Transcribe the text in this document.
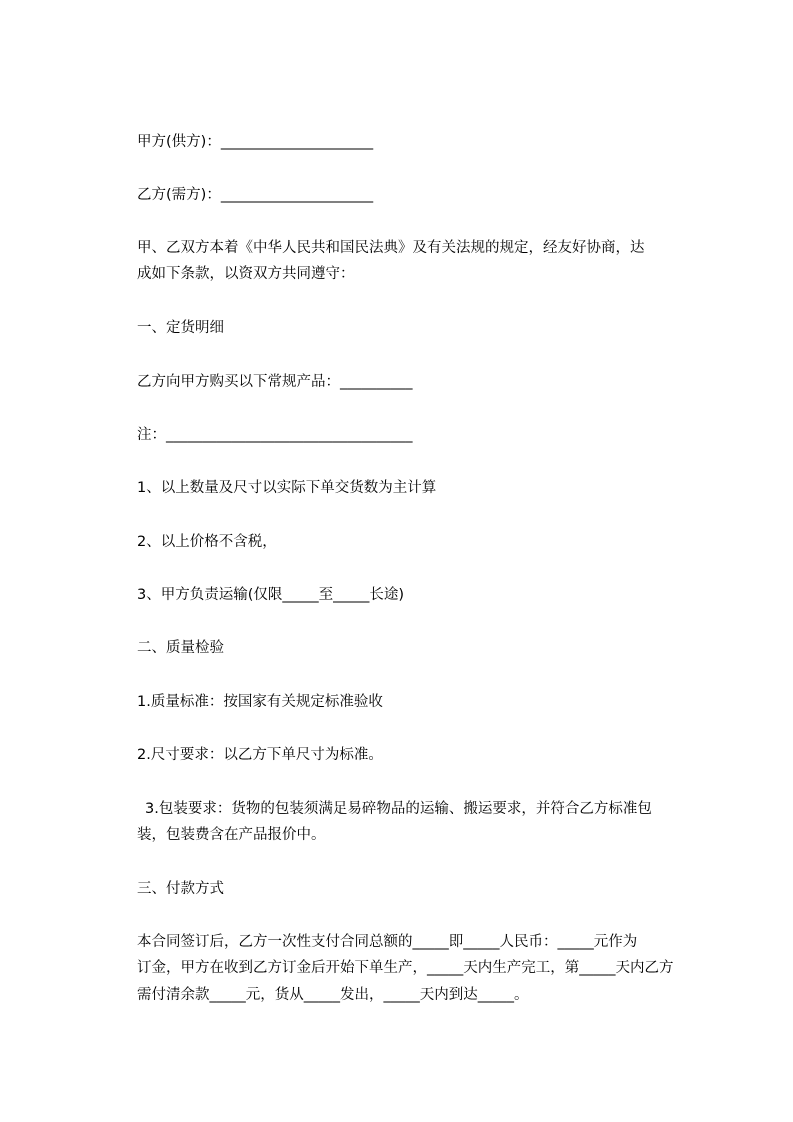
甲方(供方)：_____________________
乙方(需方)：_____________________
甲、乙双方本着《中华人民共和国民法典》及有关法规的规定，经友好协商，达
成如下条款，以资双方共同遵守：
一、定货明细
乙方向甲方购买以下常规产品：__________
注：__________________________________
1、以上数量及尺寸以实际下单交货数为主计算
2、以上价格不含税，
3、甲方负责运输(仅限_____至_____长途)
二、质量检验
1.质量标准：按国家有关规定标准验收
2.尺寸要求：以乙方下单尺寸为标准。
3.包装要求：货物的包装须满足易碎物品的运输、搬运要求，并符合乙方标准包
装，包装费含在产品报价中。
三、付款方式
本合同签订后，乙方一次性支付合同总额的_____即_____人民币：_____元作为
订金，甲方在收到乙方订金后开始下单生产，_____天内生产完工，第_____天内乙方
需付清余款_____元，货从_____发出，_____天内到达_____。
